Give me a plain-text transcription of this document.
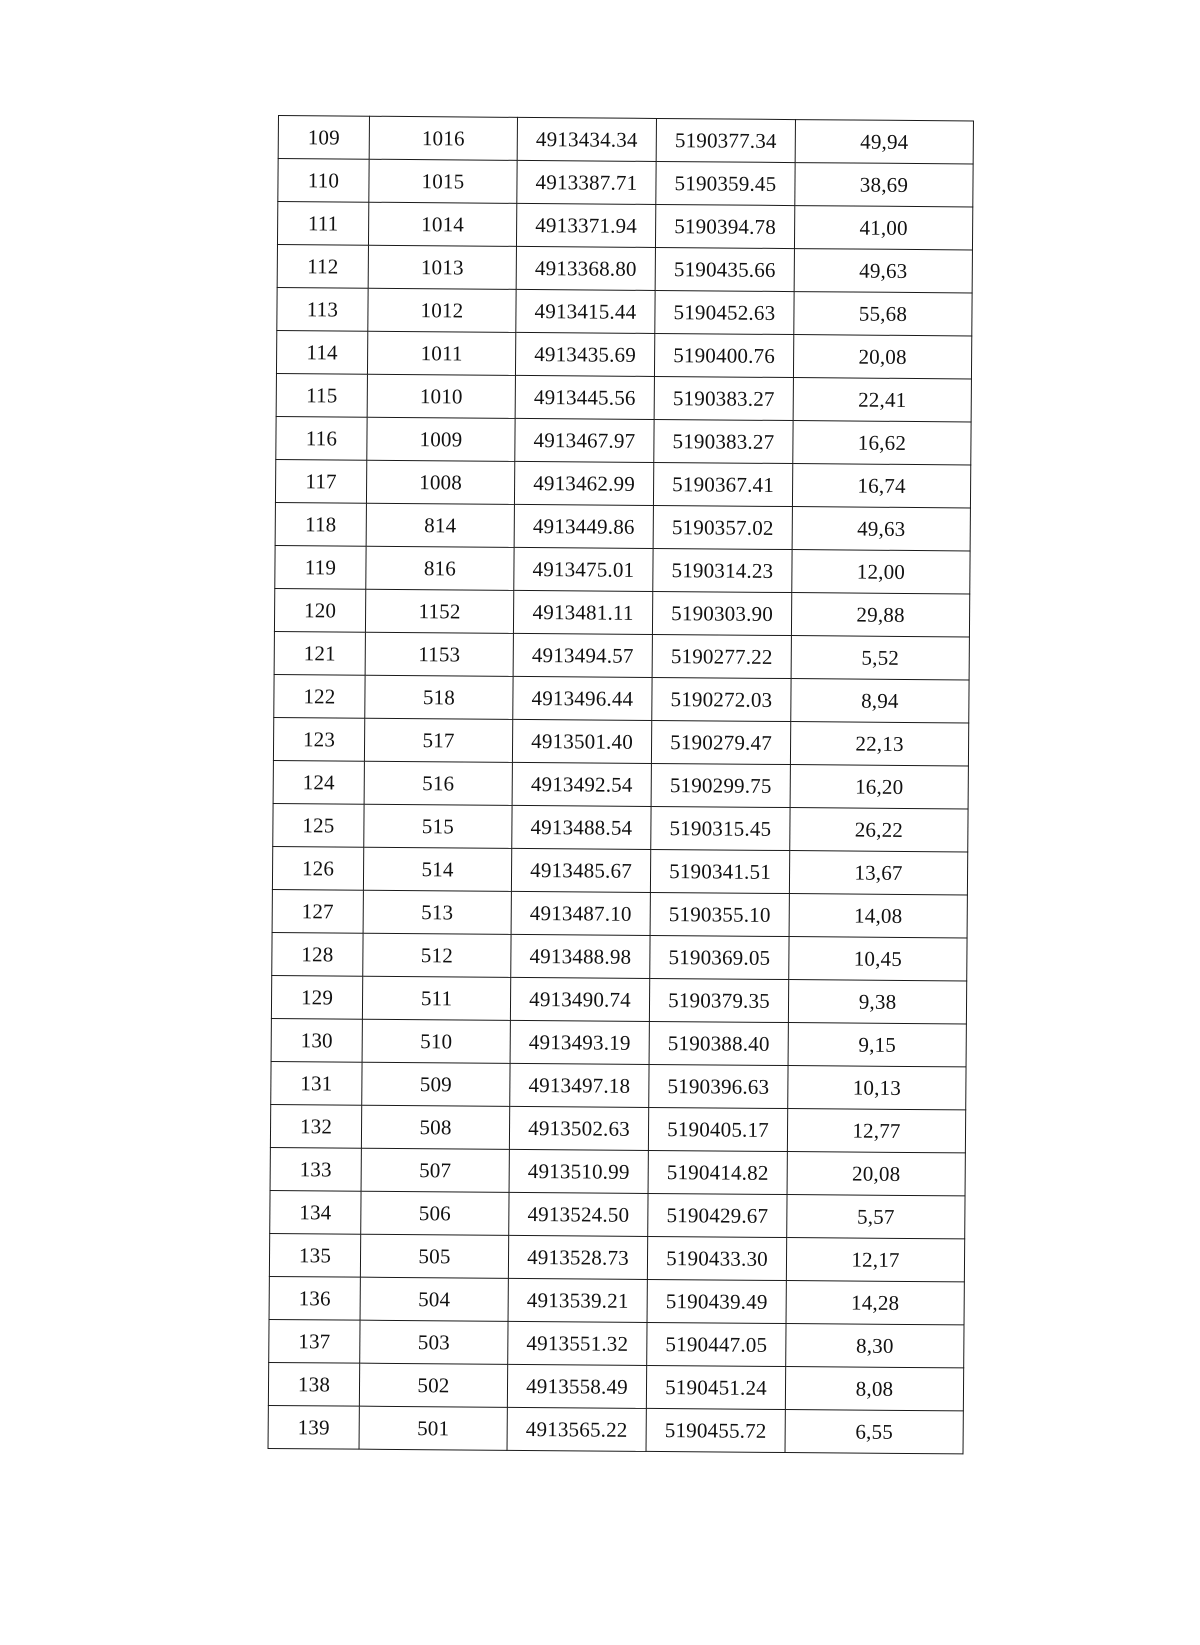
109	1016	4913434.34	5190377.34	49,94
110	1015	4913387.71	5190359.45	38,69
111	1014	4913371.94	5190394.78	41,00
112	1013	4913368.80	5190435.66	49,63
113	1012	4913415.44	5190452.63	55,68
114	1011	4913435.69	5190400.76	20,08
115	1010	4913445.56	5190383.27	22,41
116	1009	4913467.97	5190383.27	16,62
117	1008	4913462.99	5190367.41	16,74
118	814	4913449.86	5190357.02	49,63
119	816	4913475.01	5190314.23	12,00
120	1152	4913481.11	5190303.90	29,88
121	1153	4913494.57	5190277.22	5,52
122	518	4913496.44	5190272.03	8,94
123	517	4913501.40	5190279.47	22,13
124	516	4913492.54	5190299.75	16,20
125	515	4913488.54	5190315.45	26,22
126	514	4913485.67	5190341.51	13,67
127	513	4913487.10	5190355.10	14,08
128	512	4913488.98	5190369.05	10,45
129	511	4913490.74	5190379.35	9,38
130	510	4913493.19	5190388.40	9,15
131	509	4913497.18	5190396.63	10,13
132	508	4913502.63	5190405.17	12,77
133	507	4913510.99	5190414.82	20,08
134	506	4913524.50	5190429.67	5,57
135	505	4913528.73	5190433.30	12,17
136	504	4913539.21	5190439.49	14,28
137	503	4913551.32	5190447.05	8,30
138	502	4913558.49	5190451.24	8,08
139	501	4913565.22	5190455.72	6,55
